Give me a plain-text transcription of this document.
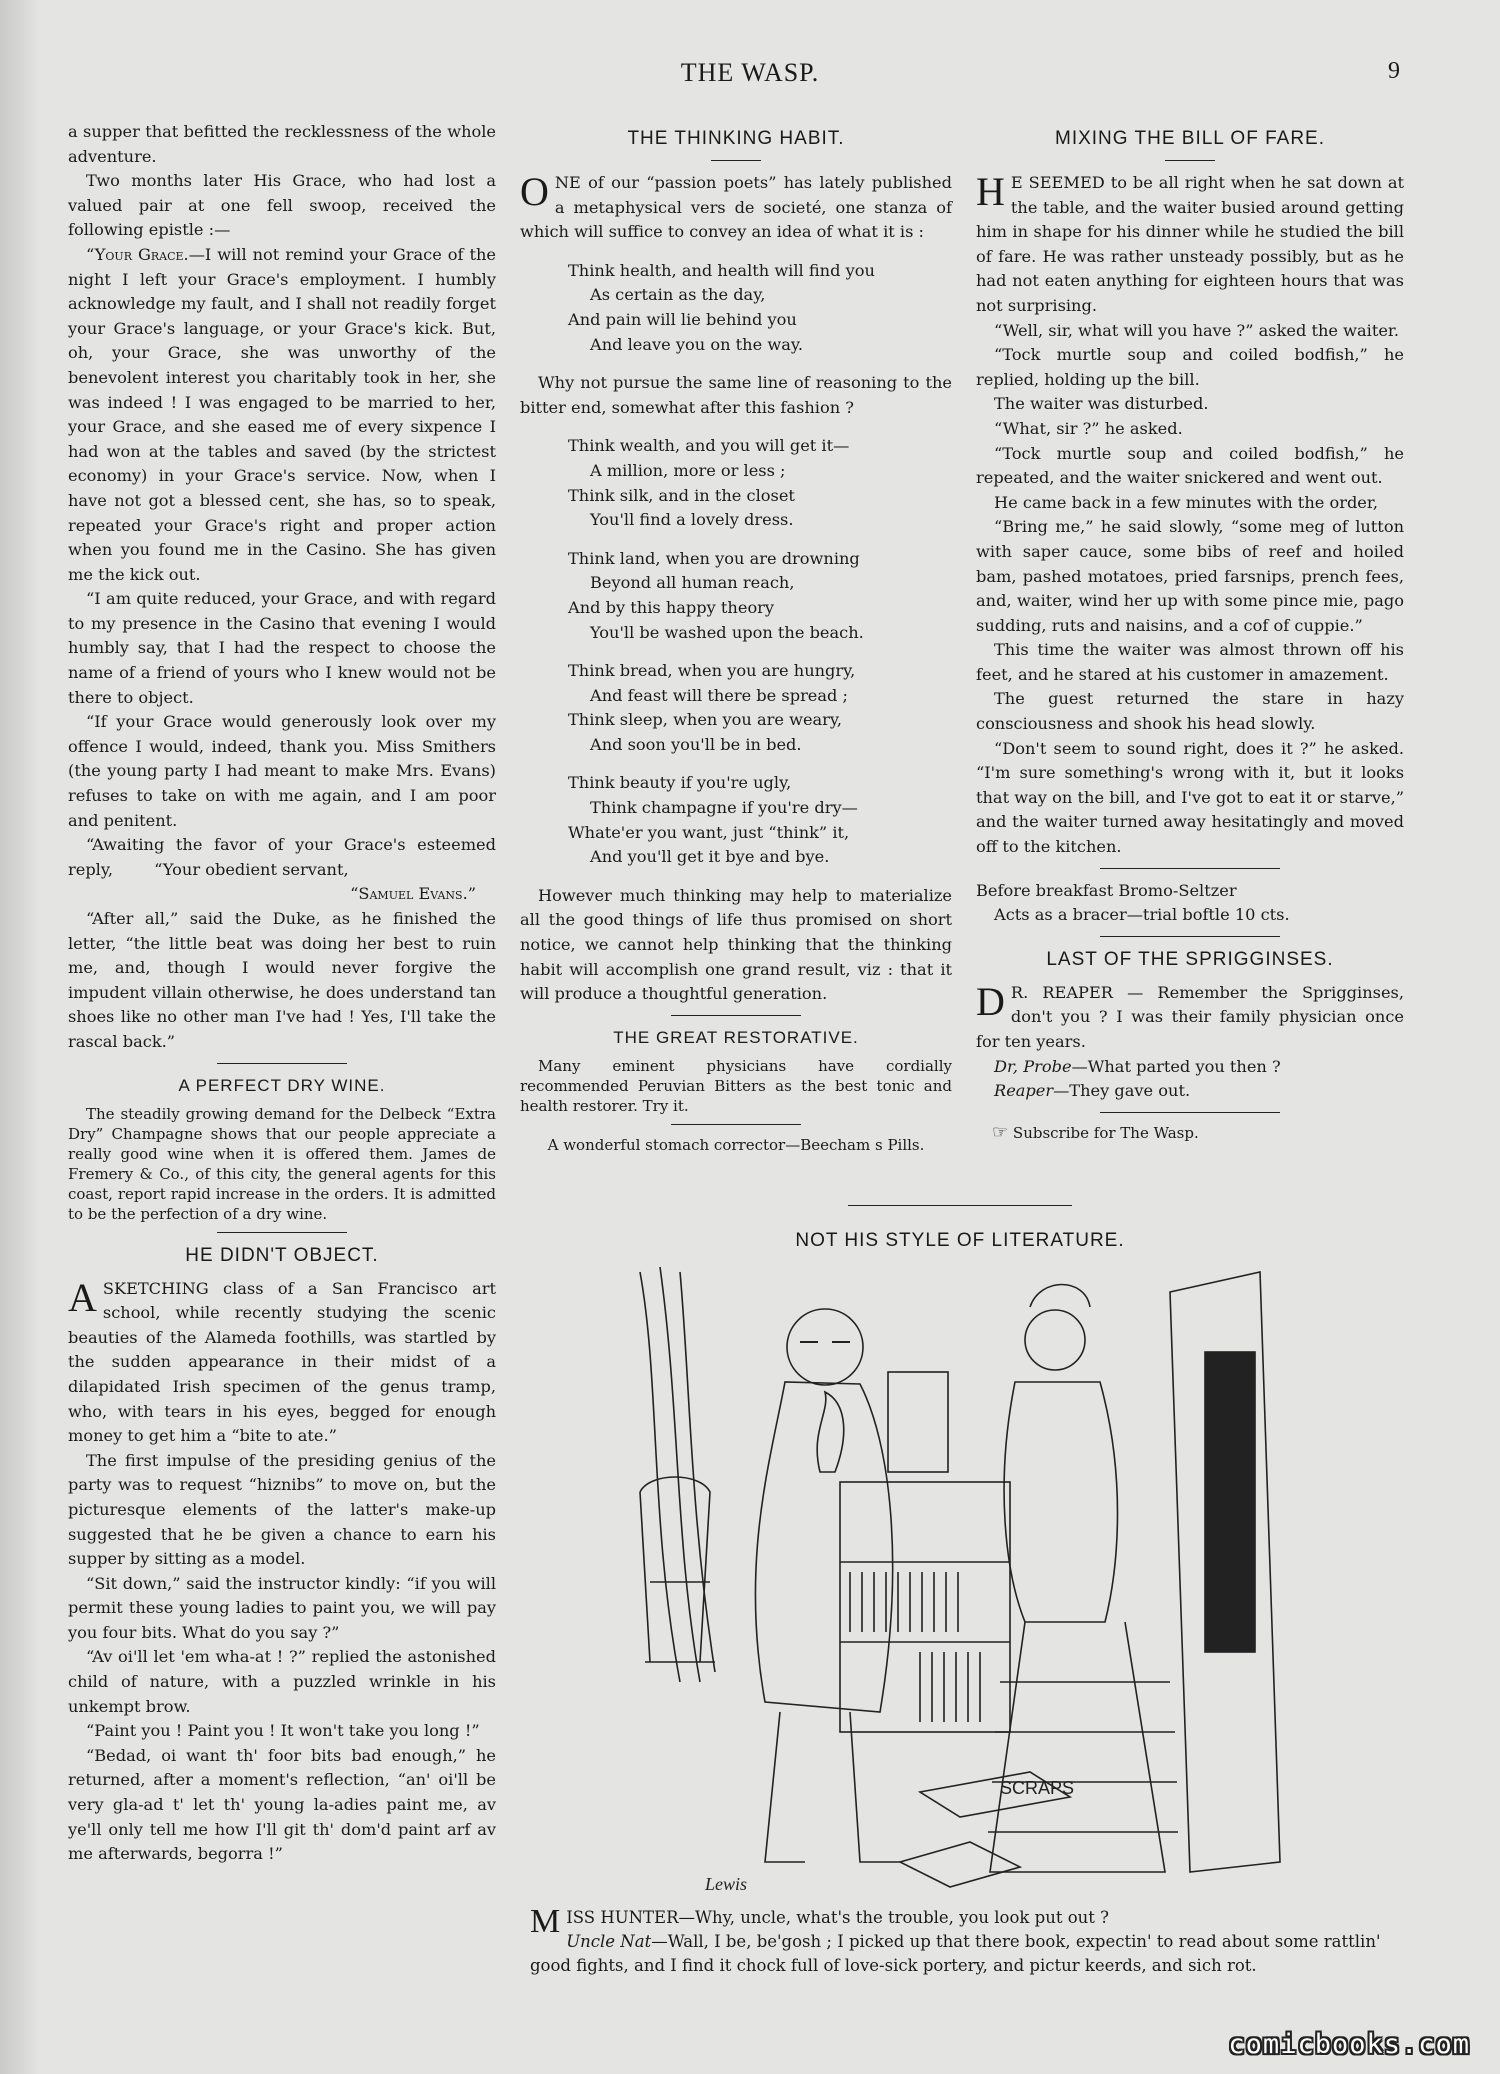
THE WASP.	9

a supper that befitted the recklessness of the whole adventure.

Two months later His Grace, who had lost a valued pair at one fell swoop, received the following epistle :—

“Your Grace.—I will not remind your Grace of the night I left your Grace's employment. I humbly acknowledge my fault, and I shall not readily forget your Grace's language, or your Grace's kick. But, oh, your Grace, she was unworthy of the benevolent interest you charitably took in her, she was indeed ! I was engaged to be married to her, your Grace, and she eased me of every sixpence I had won at the tables and saved (by the strictest economy) in your Grace's service. Now, when I have not got a blessed cent, she has, so to speak, repeated your Grace's right and proper action when you found me in the Casino. She has given me the kick out.

“I am quite reduced, your Grace, and with regard to my presence in the Casino that evening I would humbly say, that I had the respect to choose the name of a friend of yours who I knew would not be there to object.

“If your Grace would generously look over my offence I would, indeed, thank you. Miss Smithers (the young party I had meant to make Mrs. Evans) refuses to take on with me again, and I am poor and penitent.

“Awaiting the favor of your Grace's esteemed reply,	“Your obedient servant,

“Samuel Evans.”

“After all,” said the Duke, as he finished the letter, “the little beat was doing her best to ruin me, and, though I would never forgive the impudent villain otherwise, he does understand tan shoes like no other man I've had ! Yes, I'll take the rascal back.”

A PERFECT DRY WINE.

The steadily growing demand for the Delbeck “Extra Dry” Champagne shows that our people appreciate a really good wine when it is offered them. James de Fremery & Co., of this city, the general agents for this coast, report rapid increase in the orders. It is admitted to be the perfection of a dry wine.

HE DIDN'T OBJECT.

ASKETCHING class of a San Francisco art school, while recently studying the scenic beauties of the Alameda foothills, was startled by the sudden appearance in their midst of a dilapidated Irish specimen of the genus tramp, who, with tears in his eyes, begged for enough money to get him a “bite to ate.”

The first impulse of the presiding genius of the party was to request “hiznibs” to move on, but the picturesque elements of the latter's make-up suggested that he be given a chance to earn his supper by sitting as a model.

“Sit down,” said the instructor kindly: “if you will permit these young ladies to paint you, we will pay you four bits. What do you say ?”

“Av oi'll let 'em wha-at ! ?” replied the astonished child of nature, with a puzzled wrinkle in his unkempt brow.

“Paint you ! Paint you ! It won't take you long !”

“Bedad, oi want th' foor bits bad enough,” he returned, after a moment's reflection, “an' oi'll be very gla-ad t' let th' young la-adies paint me, av ye'll only tell me how I'll git th' dom'd paint arf av me afterwards, begorra !”

THE THINKING HABIT.

ONE of our “passion poets” has lately published a metaphysical vers de societé, one stanza of which will suffice to convey an idea of what it is :

Think health, and health will find you
As certain as the day,
And pain will lie behind you
And leave you on the way.

Why not pursue the same line of reasoning to the bitter end, somewhat after this fashion ?

Think wealth, and you will get it—
A million, more or less ;
Think silk, and in the closet
You'll find a lovely dress.
Think land, when you are drowning
Beyond all human reach,
And by this happy theory
You'll be washed upon the beach.
Think bread, when you are hungry,
And feast will there be spread ;
Think sleep, when you are weary,
And soon you'll be in bed.
Think beauty if you're ugly,
Think champagne if you're dry—
Whate'er you want, just “think” it,
And you'll get it bye and bye.

However much thinking may help to materialize all the good things of life thus promised on short notice, we cannot help thinking that the thinking habit will accomplish one grand result, viz : that it will produce a thoughtful generation.

THE GREAT RESTORATIVE.

Many eminent physicians have cordially recommended Peruvian Bitters as the best tonic and health restorer. Try it.

A wonderful stomach corrector—Beecham s Pills.

MIXING THE BILL OF FARE.

H E SEEMED to be all right when he sat down at the table, and the waiter busied around getting him in shape for his dinner while he studied the bill of fare. He was rather unsteady possibly, but as he had not eaten anything for eighteen hours that was not surprising.

“Well, sir, what will you have ?” asked the waiter.

“Tock murtle soup and coiled bodfish,” he replied, holding up the bill.

The waiter was disturbed.

“What, sir ?” he asked.

“Tock murtle soup and coiled bodfish,” he repeated, and the waiter snickered and went out.

He came back in a few minutes with the order,

“Bring me,” he said slowly, “some meg of lutton with saper cauce, some bibs of reef and hoiled bam, pashed motatoes, pried farsnips, prench fees, and, waiter, wind her up with some pince mie, pago sudding, ruts and naisins, and a cof of cuppie.”

This time the waiter was almost thrown off his feet, and he stared at his customer in amazement.

The guest returned the stare in hazy consciousness and shook his head slowly.

“Don't seem to sound right, does it ?” he asked. “I'm sure something's wrong with it, but it looks that way on the bill, and I've got to eat it or starve,” and the waiter turned away hesitatingly and moved off to the kitchen.

Before breakfast Bromo-Seltzer

Acts as a bracer—trial boftle 10 cts.

LAST OF THE SPRIGGINSES.

D R. REAPER — Remember the Sprigginses, don't you ? I was their family physician once for ten years.

Dr, Probe—What parted you then ?

Reaper—They gave out.

☞ Subscribe for The Wasp.

NOT HIS STYLE OF LITERATURE.
SCRAPS
Lewis

MISS HUNTER—Why, uncle, what's the trouble, you look put out ?

Uncle Nat—Wall, I be, be'gosh ; I picked up that there book, expectin' to read about some rattlin' good fights, and I find it chock full of love-sick portery, and pictur keerds, and sich rot.

comicbooks.com
